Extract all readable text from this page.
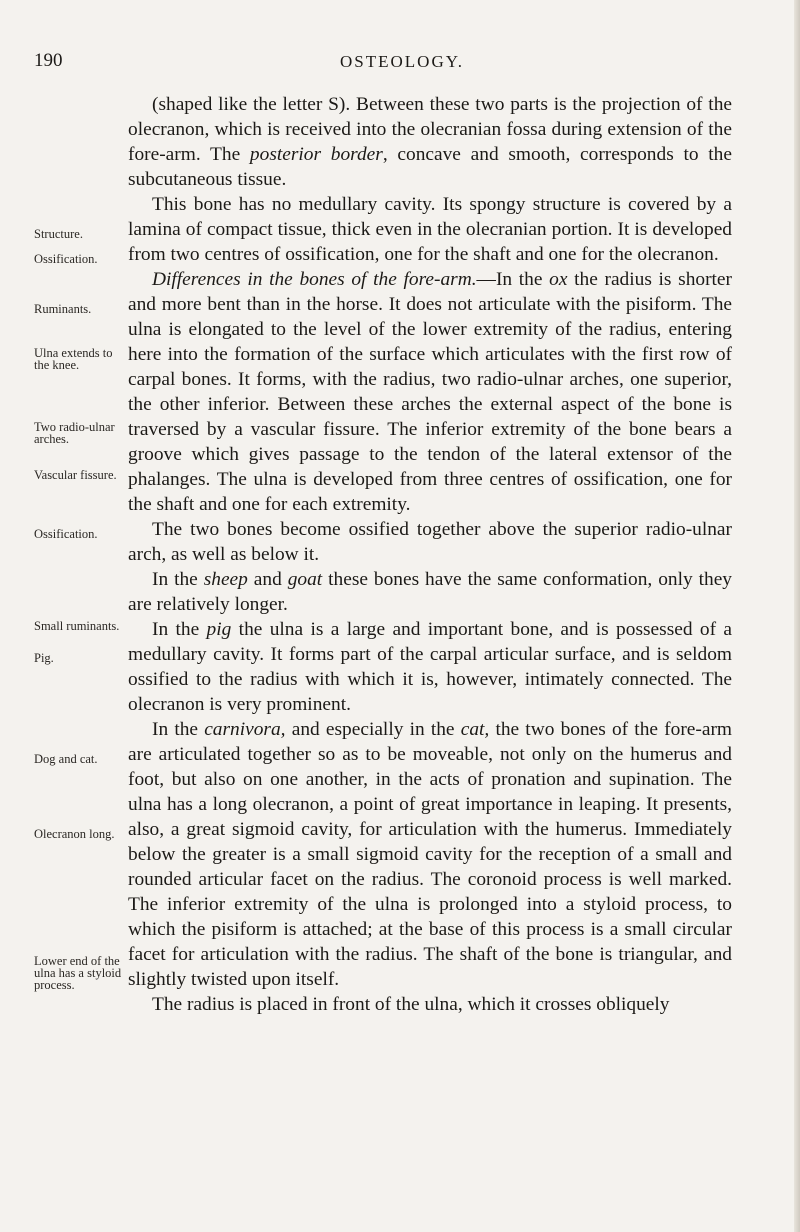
190	OSTEOLOGY.
Structure.
Ossification.
Ruminants.
Ulna extends to the knee.
Two radio-ulnar arches.
Vascular fissure.
Ossification.
Small ruminants.
Pig.
Dog and cat.
Olecranon long.
Lower end of the ulna has a styloid process.

(shaped like the letter S). Between these two parts is the projection of the olecranon, which is received into the olecranian fossa during extension of the fore-arm. The posterior border, concave and smooth, corresponds to the subcutaneous tissue.

This bone has no medullary cavity. Its spongy structure is covered by a lamina of compact tissue, thick even in the olecranian portion. It is developed from two centres of ossification, one for the shaft and one for the olecranon.

Differences in the bones of the fore-arm.—In the ox the radius is shorter and more bent than in the horse. It does not articulate with the pisiform. The ulna is elongated to the level of the lower extremity of the radius, entering here into the formation of the surface which articulates with the first row of carpal bones. It forms, with the radius, two radio-ulnar arches, one superior, the other inferior. Between these arches the external aspect of the bone is traversed by a vascular fissure. The inferior extremity of the bone bears a groove which gives passage to the tendon of the lateral extensor of the phalanges. The ulna is developed from three centres of ossification, one for the shaft and one for each extremity.

The two bones become ossified together above the superior radio-ulnar arch, as well as below it.

In the sheep and goat these bones have the same conformation, only they are relatively longer.

In the pig the ulna is a large and important bone, and is possessed of a medullary cavity. It forms part of the carpal articular surface, and is seldom ossified to the radius with which it is, however, intimately connected. The olecranon is very prominent.

In the carnivora, and especially in the cat, the two bones of the fore-arm are articulated together so as to be moveable, not only on the humerus and foot, but also on one another, in the acts of pronation and supination. The ulna has a long olecranon, a point of great importance in leaping. It presents, also, a great sigmoid cavity, for articulation with the humerus. Immediately below the greater is a small sigmoid cavity for the reception of a small and rounded articular facet on the radius. The coronoid process is well marked. The inferior extremity of the ulna is prolonged into a styloid process, to which the pisiform is attached; at the base of this process is a small circular facet for articulation with the radius. The shaft of the bone is triangular, and slightly twisted upon itself.

The radius is placed in front of the ulna, which it crosses obliquely
